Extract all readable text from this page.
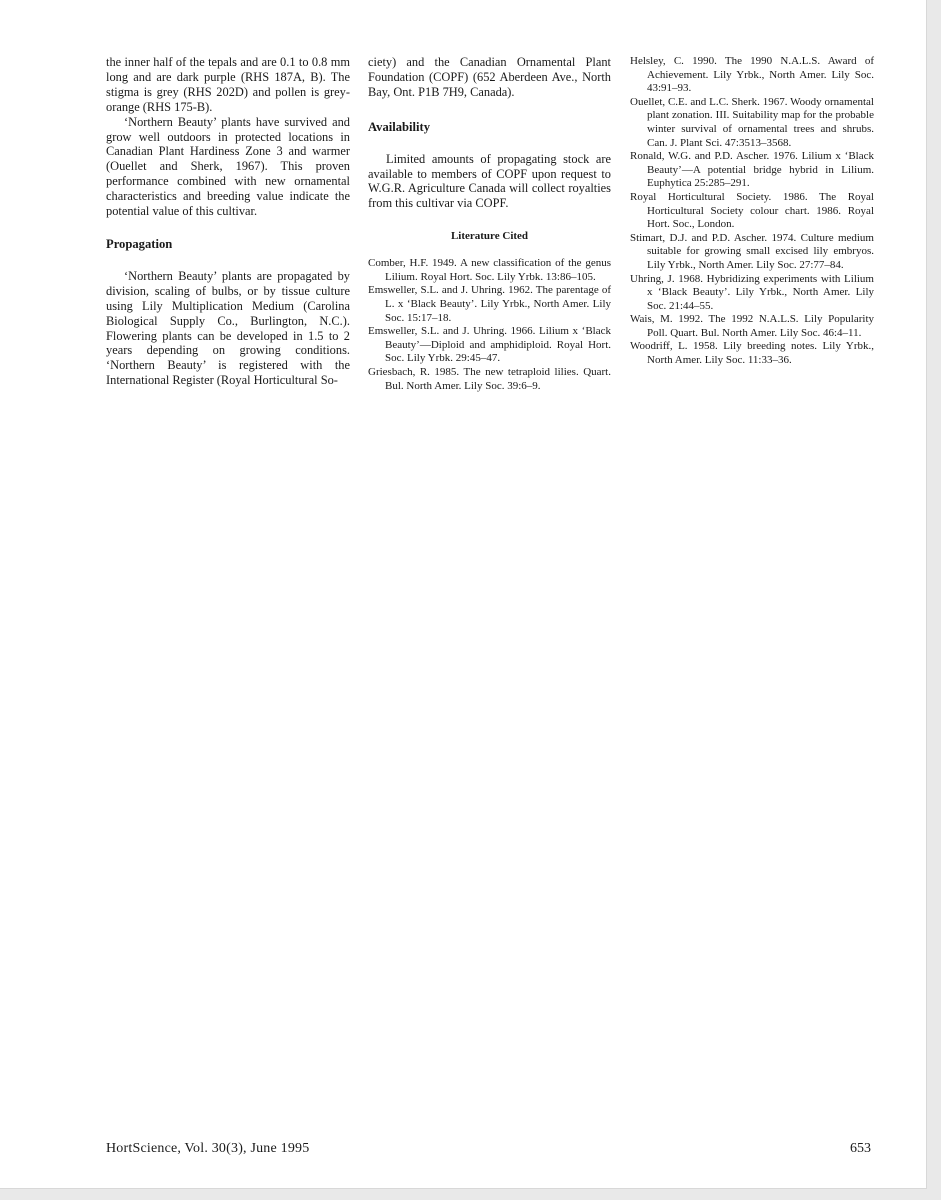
the inner half of the tepals and are 0.1 to 0.8 mm long and are dark purple (RHS 187A, B). The stigma is grey (RHS 202D) and pollen is grey-orange (RHS 175-B).

‘Northern Beauty’ plants have survived and grow well outdoors in protected locations in Canadian Plant Hardiness Zone 3 and warmer (Ouellet and Sherk, 1967). This proven performance combined with new ornamental characteristics and breeding value indicate the potential value of this cultivar.

Propagation

‘Northern Beauty’ plants are propagated by division, scaling of bulbs, or by tissue culture using Lily Multiplication Medium (Carolina Biological Supply Co., Burlington, N.C.). Flowering plants can be developed in 1.5 to 2 years depending on growing conditions. ‘Northern Beauty’ is registered with the International Register (Royal Horticultural So-

ciety) and the Canadian Ornamental Plant Foundation (COPF) (652 Aberdeen Ave., North Bay, Ont. P1B 7H9, Canada).

Availability

Limited amounts of propagating stock are available to members of COPF upon request to W.G.R. Agriculture Canada will collect royalties from this cultivar via COPF.

Literature Cited

Comber, H.F. 1949. A new classification of the genus Lilium. Royal Hort. Soc. Lily Yrbk. 13:86–105.

Emsweller, S.L. and J. Uhring. 1962. The parentage of L. x ‘Black Beauty’. Lily Yrbk., North Amer. Lily Soc. 15:17–18.

Emsweller, S.L. and J. Uhring. 1966. Lilium x ‘Black Beauty’—Diploid and amphidiploid. Royal Hort. Soc. Lily Yrbk. 29:45–47.

Griesbach, R. 1985. The new tetraploid lilies. Quart. Bul. North Amer. Lily Soc. 39:6–9.

Helsley, C. 1990. The 1990 N.A.L.S. Award of Achievement. Lily Yrbk., North Amer. Lily Soc. 43:91–93.

Ouellet, C.E. and L.C. Sherk. 1967. Woody ornamental plant zonation. III. Suitability map for the probable winter survival of ornamental trees and shrubs. Can. J. Plant Sci. 47:3513–3568.

Ronald, W.G. and P.D. Ascher. 1976. Lilium x ‘Black Beauty’—A potential bridge hybrid in Lilium. Euphytica 25:285–291.

Royal Horticultural Society. 1986. The Royal Horticultural Society colour chart. 1986. Royal Hort. Soc., London.

Stimart, D.J. and P.D. Ascher. 1974. Culture medium suitable for growing small excised lily embryos. Lily Yrbk., North Amer. Lily Soc. 27:77–84.

Uhring, J. 1968. Hybridizing experiments with Lilium x ‘Black Beauty’. Lily Yrbk., North Amer. Lily Soc. 21:44–55.

Wais, M. 1992. The 1992 N.A.L.S. Lily Popularity Poll. Quart. Bul. North Amer. Lily Soc. 46:4–11.

Woodriff, L. 1958. Lily breeding notes. Lily Yrbk., North Amer. Lily Soc. 11:33–36.

HortScience, Vol. 30(3), June 1995	653
